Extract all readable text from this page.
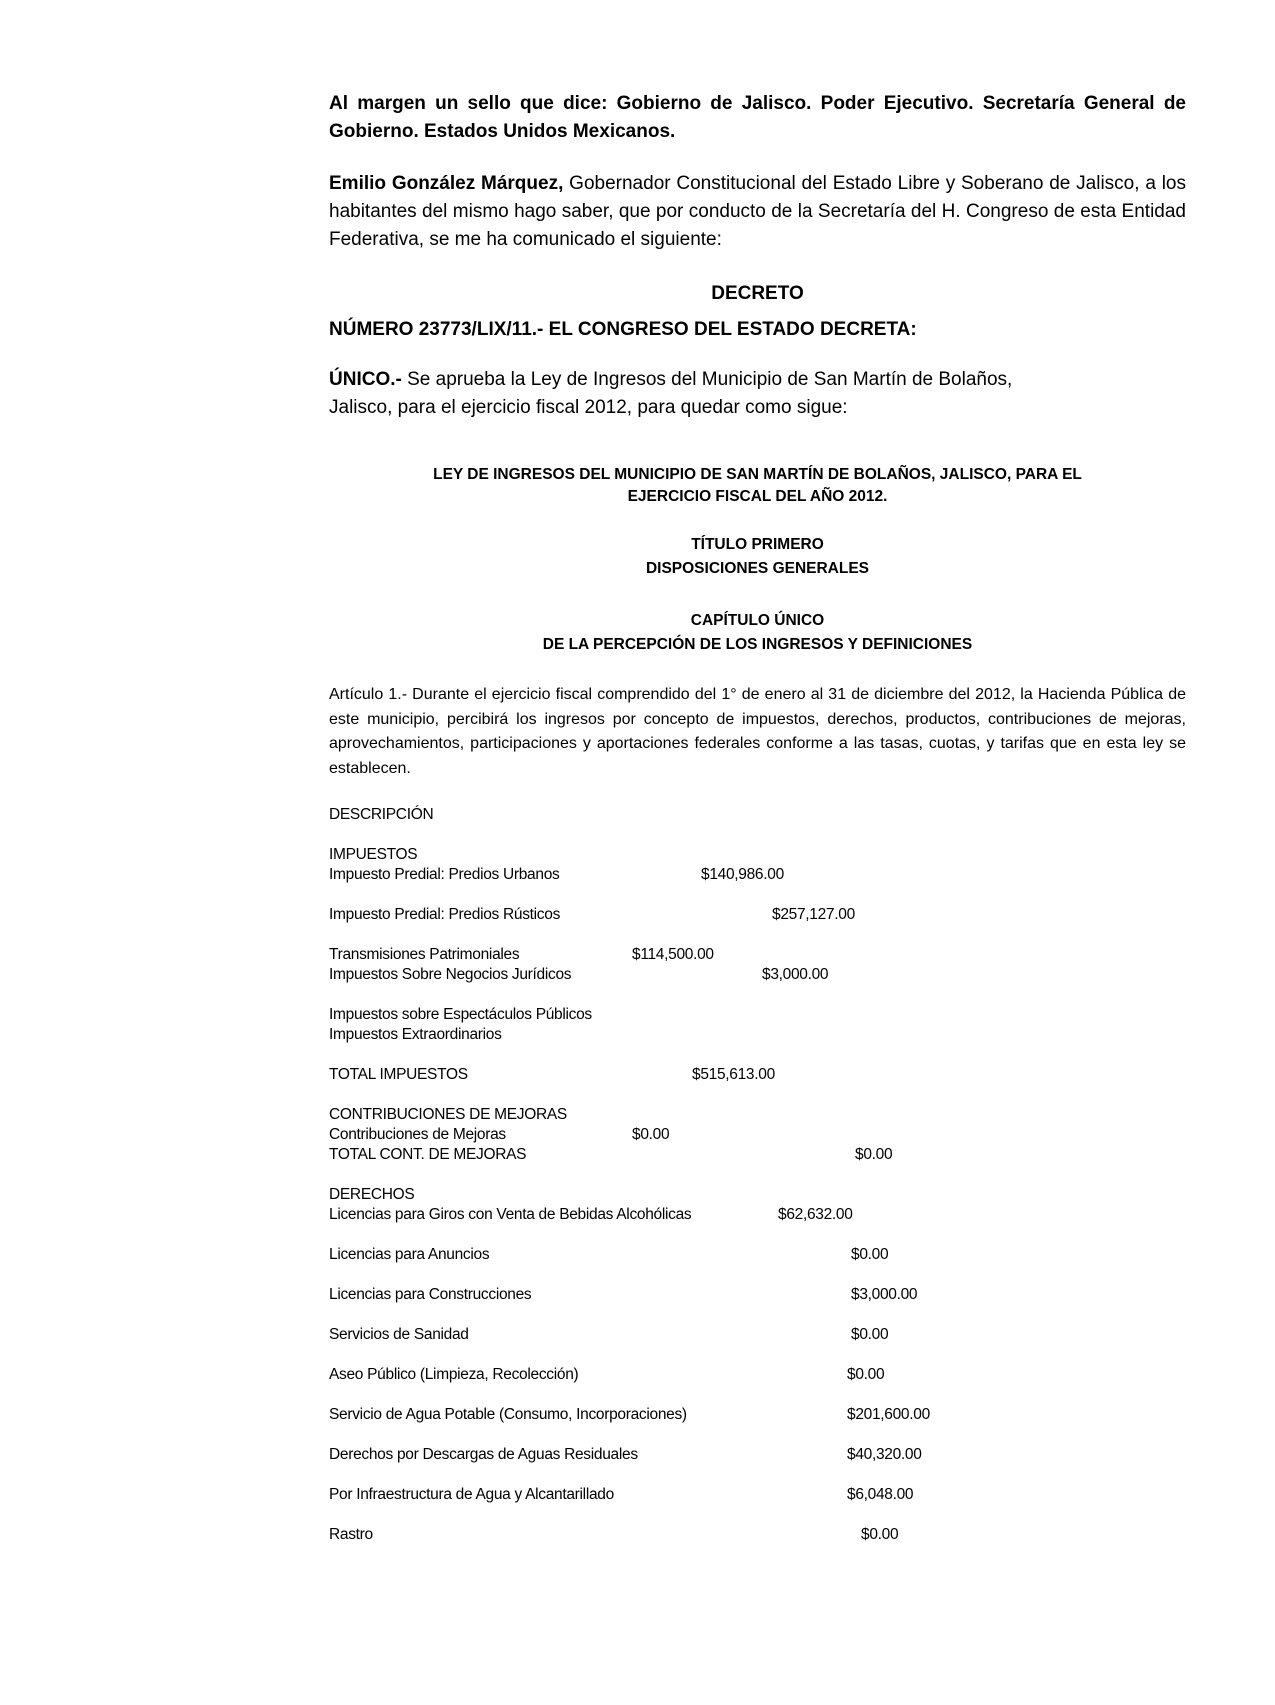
Al margen un sello que dice: Gobierno de Jalisco. Poder Ejecutivo. Secretaría General de Gobierno. Estados Unidos Mexicanos.
Emilio González Márquez, Gobernador Constitucional del Estado Libre y Soberano de Jalisco, a los habitantes del mismo hago saber, que por conducto de la Secretaría del H. Congreso de esta Entidad Federativa, se me ha comunicado el siguiente:
DECRETO
NÚMERO 23773/LIX/11.- EL CONGRESO DEL ESTADO DECRETA:
ÚNICO.- Se aprueba la Ley de Ingresos del Municipio de San Martín de Bolaños,
Jalisco, para el ejercicio fiscal 2012, para quedar como sigue:
LEY DE INGRESOS DEL MUNICIPIO DE SAN MARTÍN DE BOLAÑOS, JALISCO, PARA EL
EJERCICIO FISCAL DEL AÑO 2012.
TÍTULO PRIMERO
DISPOSICIONES GENERALES
CAPÍTULO ÚNICO
DE LA PERCEPCIÓN DE LOS INGRESOS Y DEFINICIONES
Artículo 1.- Durante el ejercicio fiscal comprendido del 1° de enero al 31 de diciembre del 2012, la Hacienda Pública de este municipio, percibirá los ingresos por concepto de impuestos, derechos, productos, contribuciones de mejoras, aprovechamientos, participaciones y aportaciones federales conforme a las tasas, cuotas, y tarifas que en esta ley se establecen.
DESCRIPCIÓN
IMPUESTOS
Impuesto Predial: Predios Urbanos	$140,986.00
Impuesto Predial: Predios Rústicos	$257,127.00
Transmisiones Patrimoniales	$114,500.00
Impuestos Sobre Negocios Jurídicos	$3,000.00
Impuestos sobre Espectáculos Públicos
Impuestos Extraordinarios
TOTAL IMPUESTOS	$515,613.00
CONTRIBUCIONES DE MEJORAS
Contribuciones de Mejoras	$0.00
TOTAL CONT. DE MEJORAS	$0.00
DERECHOS
Licencias para Giros con Venta de Bebidas Alcohólicas	$62,632.00
Licencias para Anuncios	$0.00
Licencias para Construcciones	$3,000.00
Servicios de Sanidad	$0.00
Aseo Público (Limpieza, Recolección)	$0.00
Servicio de Agua Potable (Consumo, Incorporaciones)	$201,600.00
Derechos por Descargas de Aguas Residuales	$40,320.00
Por Infraestructura de Agua y Alcantarillado	$6,048.00
Rastro	$0.00
